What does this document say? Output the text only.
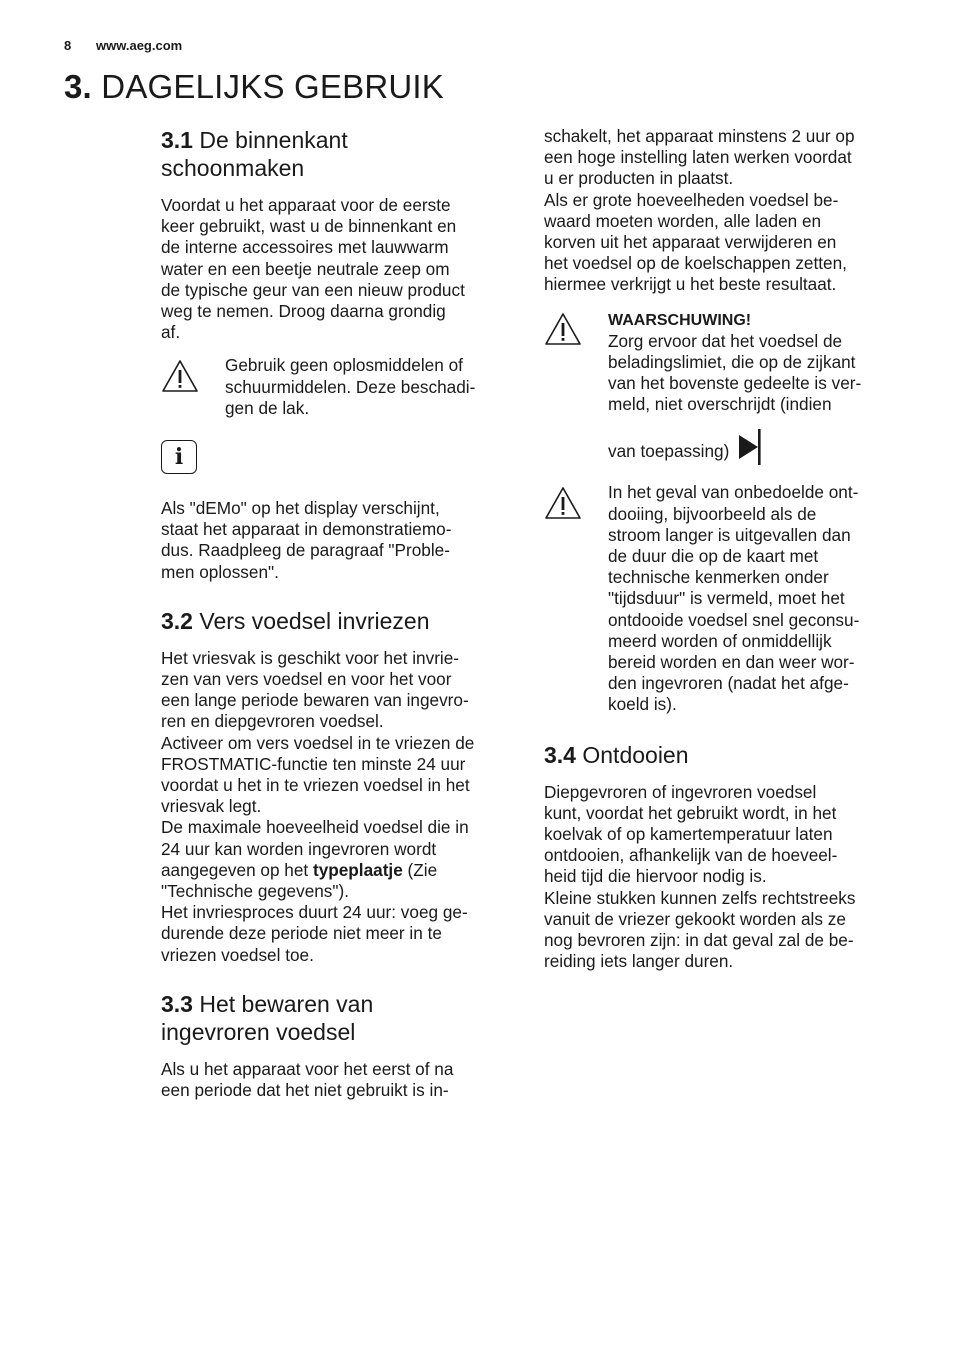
8 www.aeg.com
3. DAGELIJKS GEBRUIK
3.1 De binnenkant
schoonmaken

Voordat u het apparaat voor de eerste
keer gebruikt, wast u de binnenkant en
de interne accessoires met lauwwarm
water en een beetje neutrale zeep om
de typische geur van een nieuw product
weg te nemen. Droog daarna grondig
af.

Gebruik geen oplosmiddelen of
schuurmiddelen. Deze beschadi-
gen de lak.

i

Als "dEMo" op het display verschijnt,
staat het apparaat in demonstratiemo-
dus. Raadpleeg de paragraaf "Proble-
men oplossen".

3.2 Vers voedsel invriezen

Het vriesvak is geschikt voor het invrie-
zen van vers voedsel en voor het voor
een lange periode bewaren van ingevro-
ren en diepgevroren voedsel.
Activeer om vers voedsel in te vriezen de
FROSTMATIC-functie ten minste 24 uur
voordat u het in te vriezen voedsel in het
vriesvak legt.
De maximale hoeveelheid voedsel die in
24 uur kan worden ingevroren wordt
aangegeven op het typeplaatje (Zie
"Technische gegevens").
Het invriesproces duurt 24 uur: voeg ge-
durende deze periode niet meer in te
vriezen voedsel toe.

3.3 Het bewaren van
ingevroren voedsel

Als u het apparaat voor het eerst of na
een periode dat het niet gebruikt is in-

schakelt, het apparaat minstens 2 uur op
een hoge instelling laten werken voordat
u er producten in plaatst.
Als er grote hoeveelheden voedsel be-
waard moeten worden, alle laden en
korven uit het apparaat verwijderen en
het voedsel op de koelschappen zetten,
hiermee verkrijgt u het beste resultaat.

WAARSCHUWING!

Zorg ervoor dat het voedsel de
beladingslimiet, die op de zijkant
van het bovenste gedeelte is ver-
meld, niet overschrijdt (indien

van toepassing)

In het geval van onbedoelde ont-
dooiing, bijvoorbeeld als de
stroom langer is uitgevallen dan
de duur die op de kaart met
technische kenmerken onder
"tijdsduur" is vermeld, moet het
ontdooide voedsel snel geconsu-
meerd worden of onmiddellijk
bereid worden en dan weer wor-
den ingevroren (nadat het afge-
koeld is).

3.4 Ontdooien

Diepgevroren of ingevroren voedsel
kunt, voordat het gebruikt wordt, in het
koelvak of op kamertemperatuur laten
ontdooien, afhankelijk van de hoeveel-
heid tijd die hiervoor nodig is.
Kleine stukken kunnen zelfs rechtstreeks
vanuit de vriezer gekookt worden als ze
nog bevroren zijn: in dat geval zal de be-
reiding iets langer duren.
